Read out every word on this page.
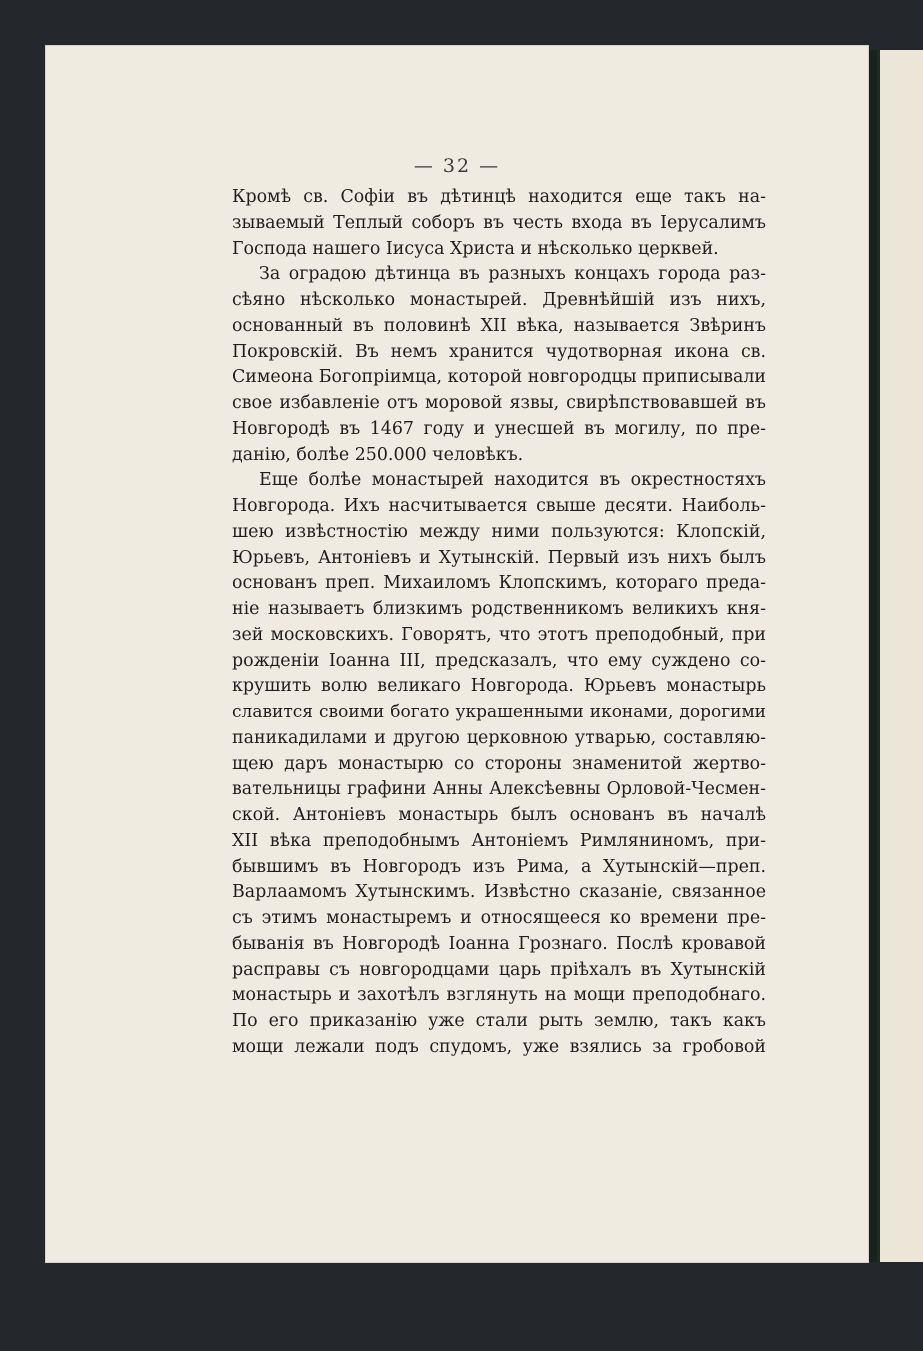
— 32 —
Кромѣ св. Софіи въ дѣтинцѣ находится еще такъ на-
зываемый Теплый соборъ въ честь входа въ Іерусалимъ
Господа нашего Іисуса Христа и нѣсколько церквей.
За оградою дѣтинца въ разныхъ концахъ города раз-
сѣяно нѣсколько монастырей. Древнѣйшій изъ нихъ,
основанный въ половинѣ XII вѣка, называется Звѣринъ
Покровскій. Въ немъ хранится чудотворная икона св.
Симеона Богопріимца, которой новгородцы приписывали
свое избавленіе отъ моровой язвы, свирѣпствовавшей въ
Новгородѣ въ 1467 году и унесшей въ могилу, по пре-
данію, болѣе 250.000 человѣкъ.
Еще болѣе монастырей находится въ окрестностяхъ
Новгорода. Ихъ насчитывается свыше десяти. Наиболь-
шею извѣстностію между ними пользуются: Клопскій,
Юрьевъ, Антоніевъ и Хутынскій. Первый изъ нихъ былъ
основанъ преп. Михаиломъ Клопскимъ, котораго преда-
ніе называетъ близкимъ родственникомъ великихъ кня-
зей московскихъ. Говорятъ, что этотъ преподобный, при
рожденіи Іоанна III, предсказалъ, что ему суждено со-
крушить волю великаго Новгорода. Юрьевъ монастырь
славится своими богато украшенными иконами, дорогими
паникадилами и другою церковною утварью, составляю-
щею даръ монастырю со стороны знаменитой жертво-
вательницы графини Анны Алексѣевны Орловой-Чесмен-
ской. Антоніевъ монастырь былъ основанъ въ началѣ
XII вѣка преподобнымъ Антоніемъ Римляниномъ, при-
бывшимъ въ Новгородъ изъ Рима, а Хутынскій—преп.
Варлаамомъ Хутынскимъ. Извѣстно сказаніе, связанное
съ этимъ монастыремъ и относящееся ко времени пре-
быванія въ Новгородѣ Іоанна Грознаго. Послѣ кровавой
расправы съ новгородцами царь пріѣхалъ въ Хутынскій
монастырь и захотѣлъ взглянуть на мощи преподобнаго.
По его приказанію уже стали рыть землю, такъ какъ
мощи лежали подъ спудомъ, уже взялись за гробовой
